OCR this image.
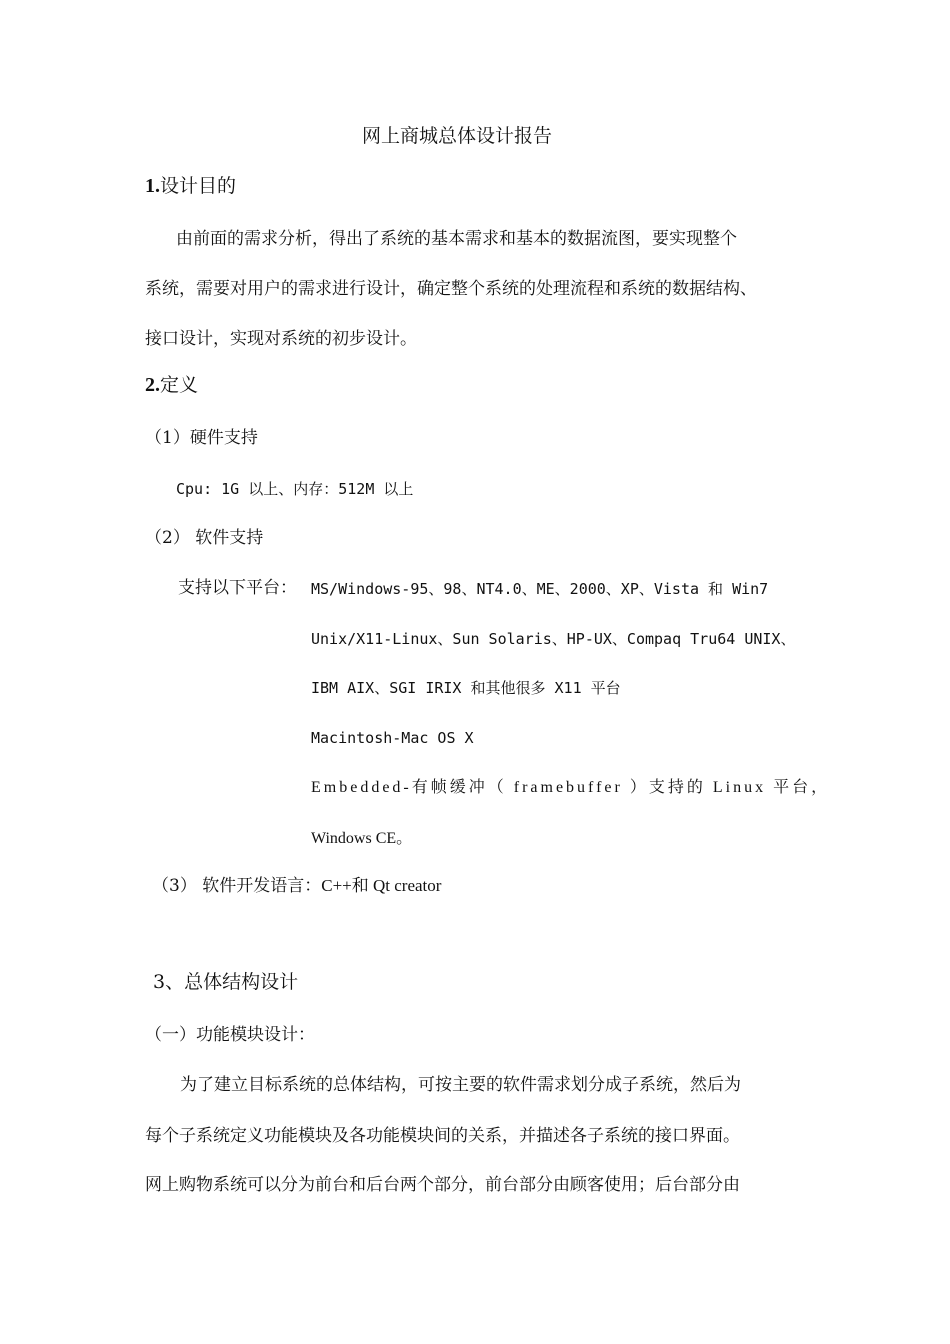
网上商城总体设计报告

1.设计目的

由前面的需求分析，得出了系统的基本需求和基本的数据流图，要实现整个

系统，需要对用户的需求进行设计，确定整个系统的处理流程和系统的数据结构、

接口设计，实现对系统的初步设计。

2.定义

（1）硬件支持

Cpu: 1G 以上、内存：512M 以上

（2） 软件支持

支持以下平台： MS/Windows-95、98、NT4.0、ME、2000、XP、Vista 和 Win7

Unix/X11-Linux、Sun Solaris、HP-UX、Compaq Tru64 UNIX、

IBM AIX、SGI IRIX 和其他很多 X11 平台

Macintosh-Mac OS X

Embedded-有帧缓冲（ framebuffer ）支持的 Linux 平台，

Windows CE。

（3） 软件开发语言：C++和 Qt creator

3、总体结构设计

（一）功能模块设计：

为了建立目标系统的总体结构，可按主要的软件需求划分成子系统，然后为

每个子系统定义功能模块及各功能模块间的关系，并描述各子系统的接口界面。

网上购物系统可以分为前台和后台两个部分，前台部分由顾客使用；后台部分由
